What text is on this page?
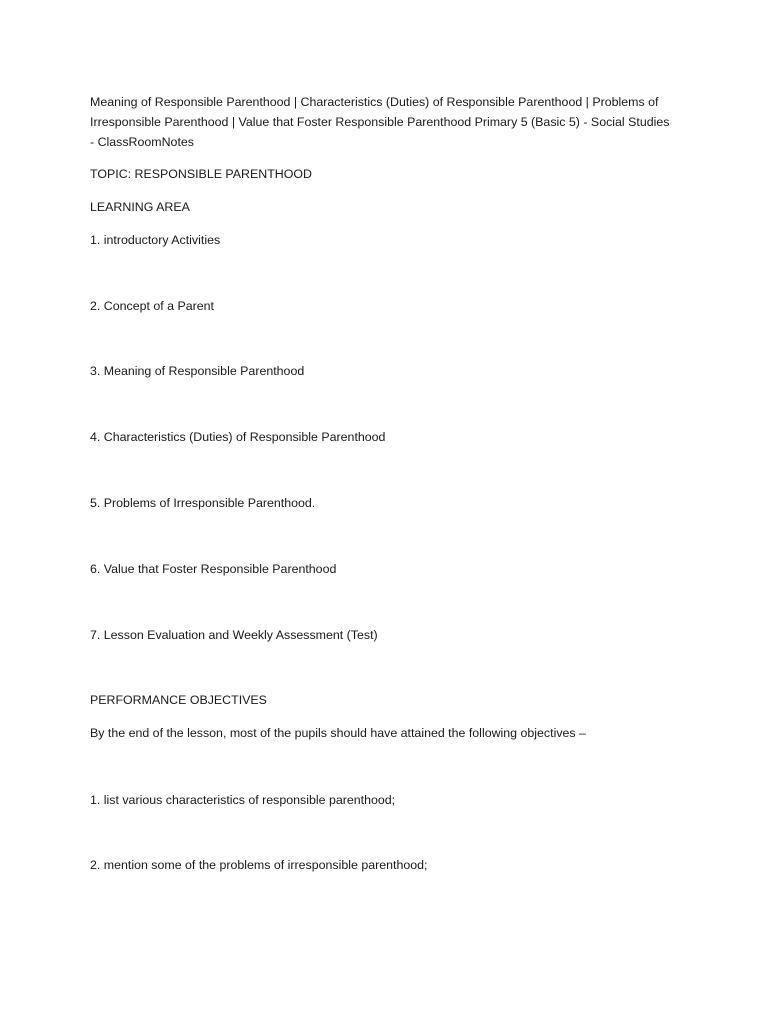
Meaning of Responsible Parenthood | Characteristics (Duties) of Responsible Parenthood | Problems of
Irresponsible Parenthood | Value that Foster Responsible Parenthood Primary 5 (Basic 5) - Social Studies
- ClassRoomNotes
TOPIC: RESPONSIBLE PARENTHOOD
LEARNING AREA
1. introductory Activities
2. Concept of a Parent
3. Meaning of Responsible Parenthood
4. Characteristics (Duties) of Responsible Parenthood
5. Problems of Irresponsible Parenthood.
6. Value that Foster Responsible Parenthood
7. Lesson Evaluation and Weekly Assessment (Test)
PERFORMANCE OBJECTIVES
By the end of the lesson, most of the pupils should have attained the following objectives –
1. list various characteristics of responsible parenthood;
2. mention some of the problems of irresponsible parenthood;
